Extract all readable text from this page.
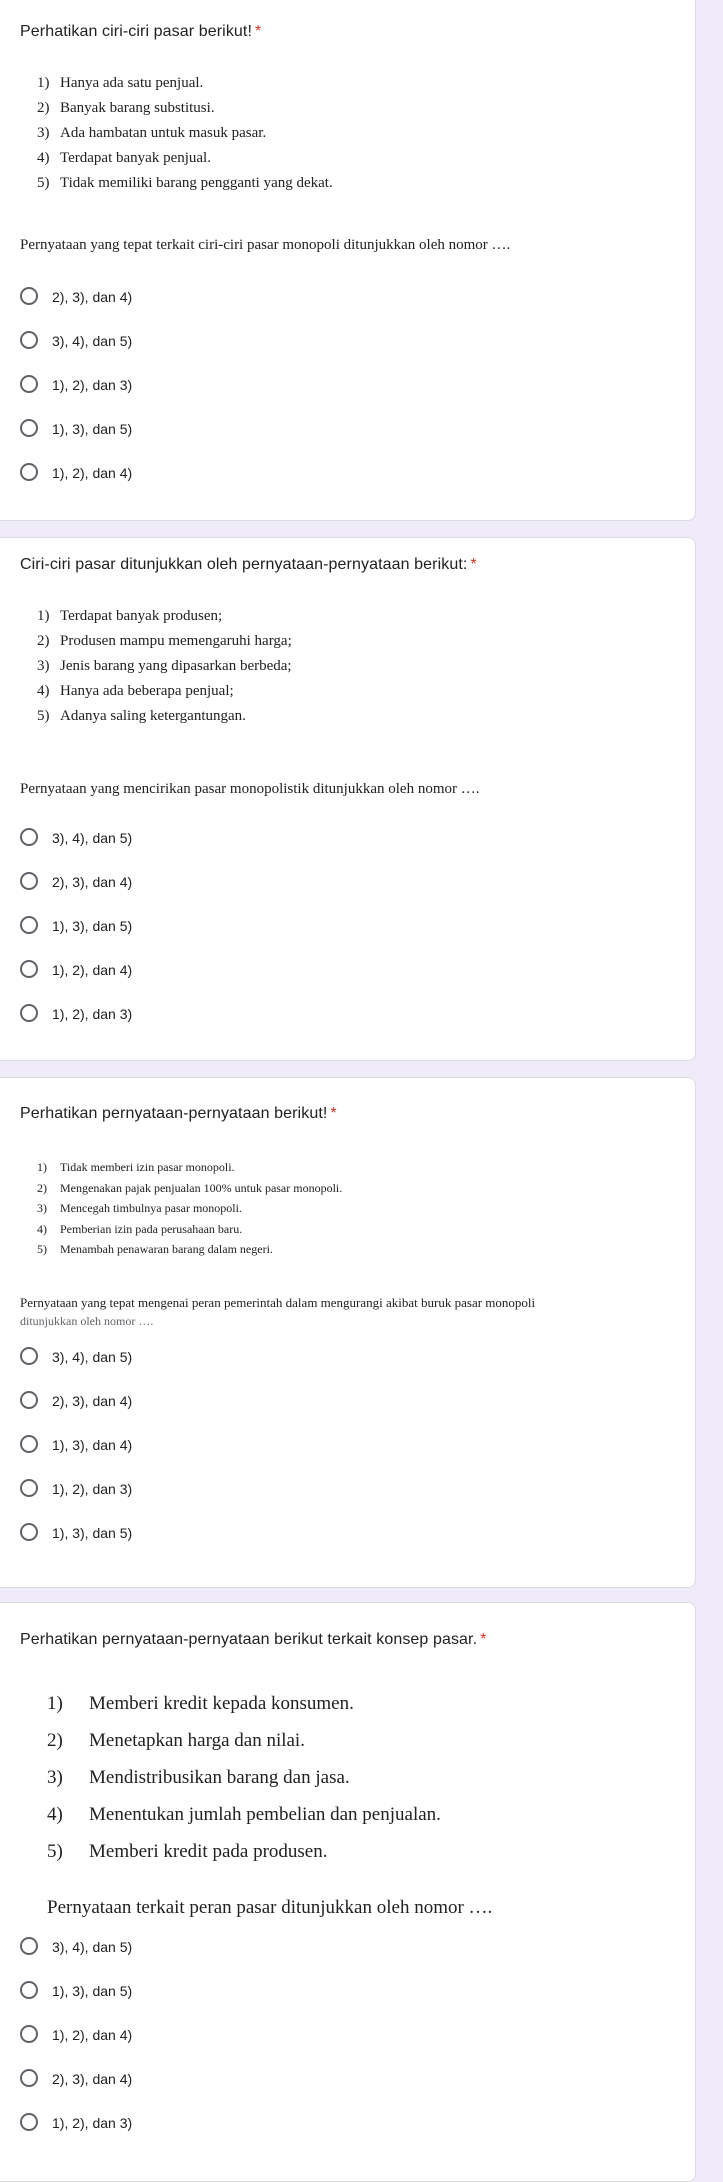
Perhatikan ciri-ciri pasar berikut! *
1) Hanya ada satu penjual.
2) Banyak barang substitusi.
3) Ada hambatan untuk masuk pasar.
4) Terdapat banyak penjual.
5) Tidak memiliki barang pengganti yang dekat.
Pernyataan yang tepat terkait ciri-ciri pasar monopoli ditunjukkan oleh nomor ….
2), 3), dan 4)
3), 4), dan 5)
1), 2), dan 3)
1), 3), dan 5)
1), 2), dan 4)
Ciri-ciri pasar ditunjukkan oleh pernyataan-pernyataan berikut: *
1) Terdapat banyak produsen;
2) Produsen mampu memengaruhi harga;
3) Jenis barang yang dipasarkan berbeda;
4) Hanya ada beberapa penjual;
5) Adanya saling ketergantungan.
Pernyataan yang mencirikan pasar monopolistik ditunjukkan oleh nomor ….
3), 4), dan 5)
2), 3), dan 4)
1), 3), dan 5)
1), 2), dan 4)
1), 2), dan 3)
Perhatikan pernyataan-pernyataan berikut! *
1) Tidak memberi izin pasar monopoli.
2) Mengenakan pajak penjualan 100% untuk pasar monopoli.
3) Mencegah timbulnya pasar monopoli.
4) Pemberian izin pada perusahaan baru.
5) Menambah penawaran barang dalam negeri.
Pernyataan yang tepat mengenai peran pemerintah dalam mengurangi akibat buruk pasar monopoli
ditunjukkan oleh nomor ….
3), 4), dan 5)
2), 3), dan 4)
1), 3), dan 4)
1), 2), dan 3)
1), 3), dan 5)
Perhatikan pernyataan-pernyataan berikut terkait konsep pasar. *
1) Memberi kredit kepada konsumen.
2) Menetapkan harga dan nilai.
3) Mendistribusikan barang dan jasa.
4) Menentukan jumlah pembelian dan penjualan.
5) Memberi kredit pada produsen.
Pernyataan terkait peran pasar ditunjukkan oleh nomor ….
3), 4), dan 5)
1), 3), dan 5)
1), 2), dan 4)
2), 3), dan 4)
1), 2), dan 3)
